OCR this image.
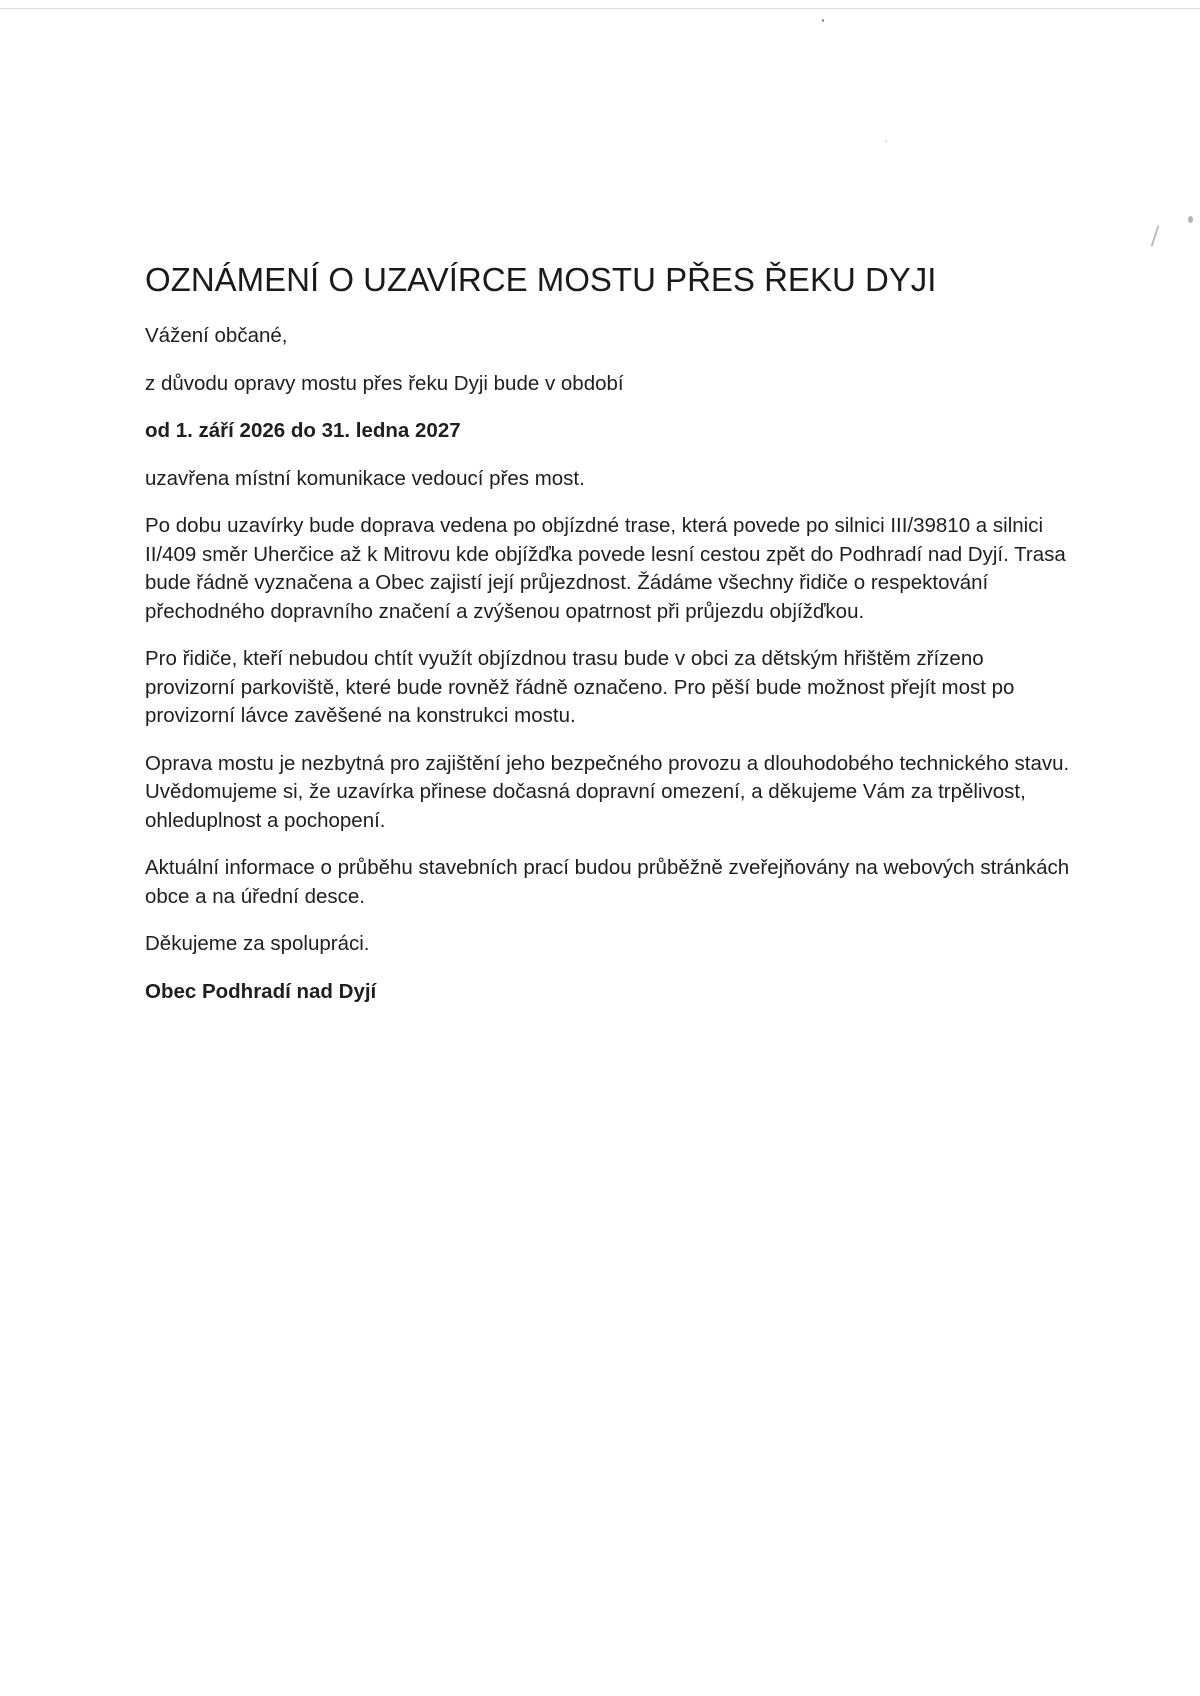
OZNÁMENÍ O UZAVÍRCE MOSTU PŘES ŘEKU DYJI

Vážení občané,

z důvodu opravy mostu přes řeku Dyji bude v období

od 1. září 2026 do 31. ledna 2027

uzavřena místní komunikace vedoucí přes most.

Po dobu uzavírky bude doprava vedena po objízdné trase, která povede po silnici III/39810 a silnici II/409 směr Uherčice až k Mitrovu kde objížďka povede lesní cestou zpět do Podhradí nad Dyjí. Trasa bude řádně vyznačena a Obec zajistí její průjezdnost. Žádáme všechny řidiče o respektování přechodného dopravního značení a zvýšenou opatrnost při průjezdu objížďkou.

Pro řidiče, kteří nebudou chtít využít objízdnou trasu bude v obci za dětským hřištěm zřízeno provizorní parkoviště, které bude rovněž řádně označeno. Pro pěší bude možnost přejít most po provizorní lávce zavěšené na konstrukci mostu.

Oprava mostu je nezbytná pro zajištění jeho bezpečného provozu a dlouhodobého technického stavu. Uvědomujeme si, že uzavírka přinese dočasná dopravní omezení, a děkujeme Vám za trpělivost, ohleduplnost a pochopení.

Aktuální informace o průběhu stavebních prací budou průběžně zveřejňovány na webových stránkách obce a na úřední desce.

Děkujeme za spolupráci.

Obec Podhradí nad Dyjí
